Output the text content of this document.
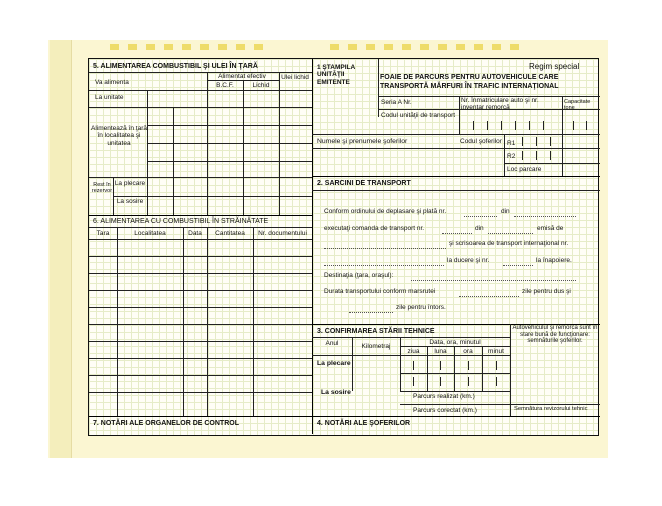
5. ALIMENTAREA COMBUSTIBIL ŞI ULEI ÎN ŢARĂ
Alimentat efectiv	Ulei lichid
Va alimenta	B.C.F.	Lichid
La unitate
Alimentează în ţară în localitatea şi unitatea
Rest în rezervor
La plecare
La sosire
6. ALIMENTAREA CU COMBUSTIBIL ÎN STRĂINĂTATE
Tara	Localitatea	Data	Cantitatea	Nr. documentului
7. NOTĂRI ALE ORGANELOR DE CONTROL
1 ŞTAMPILA UNITĂŢII EMITENTE
Regim special
FOAIE DE PARCURS PENTRU AUTOVEHICULE CARE
TRANSPORTĂ MĂRFURI ÎN TRAFIC INTERNAŢIONAL
Seria A Nr.	Nr. înmatriculare auto şi nr. inventar remorcă
Capacitate tone
Codul unităţii de transport
Numele şi prenumele şoferilor	Codul şoferilor R1
R2
Loc parcare
2. SARCINI DE TRANSPORT
Conform ordinului de deplasare şi plată nr.	din
executaţi comanda de transport nr.	din	emisă de
şi scrisoarea de transport internaţional nr.
la ducere şi nr.	la înapoiere.
Destinaţia (ţara, oraşul):
Durata transportului conform marsrutei	zile pentru dus şi
zile pentru întors.
3. CONFIRMAREA STĂRII TEHNICE	Autovehiculul şi remorca sunt în stare bună de funcţionare: semnăturile şoferilor.
Anul	Kilometraj
Data, ora, minutul
ziua	luna	ora	minut
La plecare
La sosire
Parcurs realizat (km.)
Parcurs corectat (km.)	Semnătura revizorului tehnic
4. NOTĂRI ALE ŞOFERILOR
